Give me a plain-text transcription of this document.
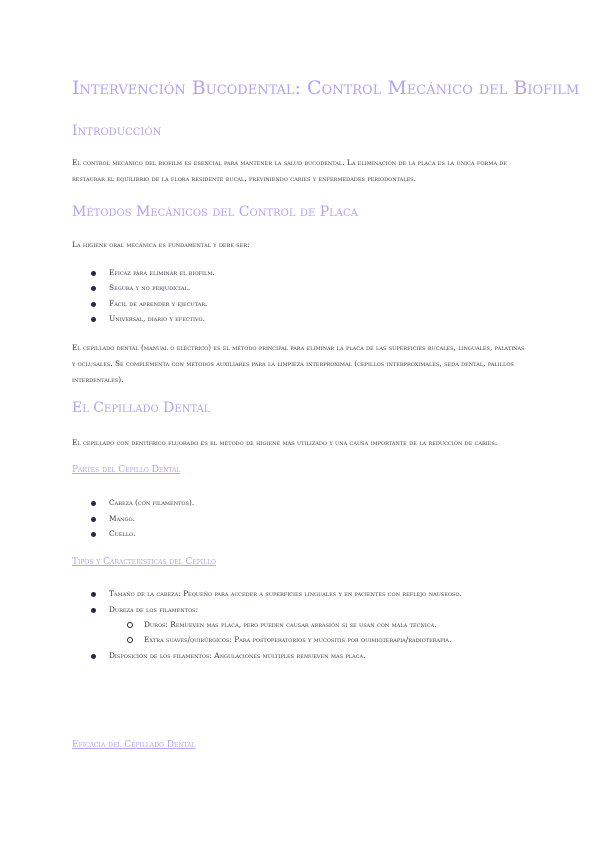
Intervención Bucodental: Control Mecánico del Biofilm
Introducción

El control mecánico del biofilm es esencial para mantener la salud bucodental. La eliminación de la placa es la única forma de restaurar el equilibrio de la flora residente bucal, previniendo caries y enfermedades periodontales.

Métodos Mecánicos del Control de Placa

La higiene oral mecánica es fundamental y debe ser:

Eficaz para eliminar el biofilm.
Segura y no perjudicial.
Fácil de aprender y ejecutar.
Universal, diario y efectivo.

El cepillado dental (manual o eléctrico) es el método principal para eliminar la placa de las superficies bucales, linguales, palatinas y oclusales. Se complementa con métodos auxiliares para la limpieza interproximal (cepillos interproximales, seda dental, palillos interdentales).

El Cepillado Dental

El cepillado con dentífrico fluorado es el método de higiene más utilizado y una causa importante de la reducción de caries.

Partes del Cepillo Dental
Cabeza (con filamentos).
Mango.
Cuello.
Tipos y Características del Cepillo
Tamaño de la cabeza: Pequeño para acceder a superficies linguales y en pacientes con reflejo nauseoso.
Dureza de los filamentos:
Duros: Remueven más placa, pero pueden causar abrasión si se usan con mala técnica.
Extra suaves/quirúrgicos: Para postoperatorios y mucositis por quimioterapia/radioterapia.
Disposición de los filamentos: Angulaciones múltiples remueven más placa.
Eficacia del Cepillado Dental
